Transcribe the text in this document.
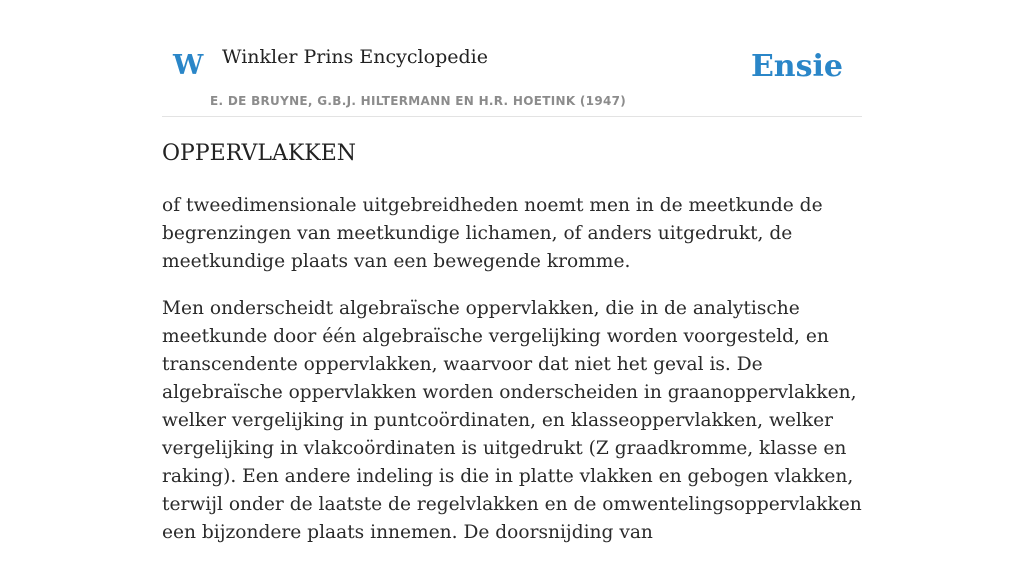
W Winkler Prins Encyclopedie
E. DE BRUYNE, G.B.J. HILTERMANN EN H.R. HOETINK (1947)
Ensie
OPPERVLAKKEN

of tweedimensionale uitgebreidheden noemt men in de meetkunde de begrenzingen van meetkundige lichamen, of anders uitgedrukt, de meetkundige plaats van een bewegende kromme.

Men onderscheidt algebraïsche oppervlakken, die in de analytische meetkunde door één algebraïsche vergelijking worden voorgesteld, en transcendente oppervlakken, waarvoor dat niet het geval is. De algebraïsche oppervlakken worden onderscheiden in graanoppervlakken, welker vergelijking in puntcoördinaten, en klasseoppervlakken, welker vergelijking in vlakcoördinaten is uitgedrukt (Z graadkromme, klasse en raking). Een andere indeling is die in platte vlakken en gebogen vlakken, terwijl onder de laatste de regelvlakken en de omwentelingsoppervlakken een bijzondere plaats innemen. De doorsnijding van
